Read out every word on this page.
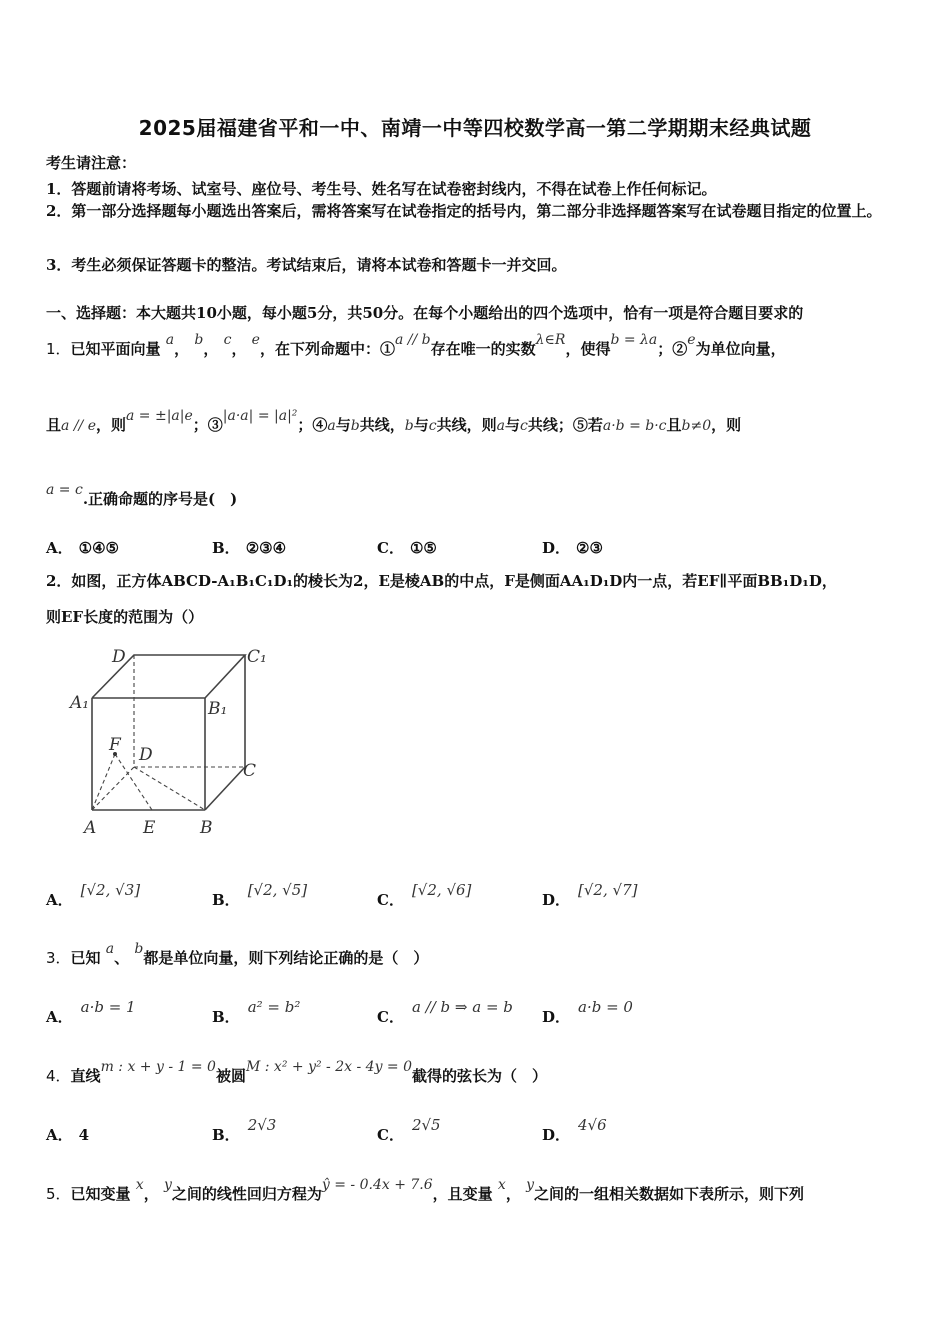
2025届福建省平和一中、南靖一中等四校数学高一第二学期期末经典试题
考生请注意：
1．答题前请将考场、试室号、座位号、考生号、姓名写在试卷密封线内，不得在试卷上作任何标记。
2．第一部分选择题每小题选出答案后，需将答案写在试卷指定的括号内，第二部分非选择题答案写在试卷题目指定的位置上。
3．考生必须保证答题卡的整洁。考试结束后，请将本试卷和答题卡一并交回。
一、选择题：本大题共10小题，每小题5分，共50分。在每个小题给出的四个选项中，恰有一项是符合题目要求的
1．已知平面向量 a， b， c， e，在下列命题中：①a // b存在唯一的实数λ∈R，使得b = λa；②e为单位向量，
且a // e，则a = ±|a|e；③|a·a| = |a|²；④a与b共线，b与c共线，则a与c共线；⑤若a·b = b·c且b≠0，则
a = c.正确命题的序号是(　)
A． ①④⑤	B． ②③④	C． ①⑤	D． ②③
2．如图，正方体ABCD-A₁B₁C₁D₁的棱长为2，E是棱AB的中点，F是侧面AA₁D₁D内一点，若EF∥平面BB₁D₁D，
则EF长度的范围为（）
D	C₁
A₁	B₁
F D
C
A	E	B
A．[√2, √3]
B．[√2, √5]
C．[√2, √6]
D．[√2, √7]
3．已知 a、 b都是单位向量，则下列结论正确的是（　）
A．a·b = 1
B．a² = b²
C．a // b ⇒ a = b
D．a·b = 0
4．直线m : x + y - 1 = 0被圆M : x² + y² - 2x - 4y = 0截得的弦长为（　）
A． 4	B．2√3
C．2√5
D．4√6
5．已知变量 x， y之间的线性回归方程为ŷ = - 0.4x + 7.6，且变量 x， y之间的一组相关数据如下表所示，则下列
